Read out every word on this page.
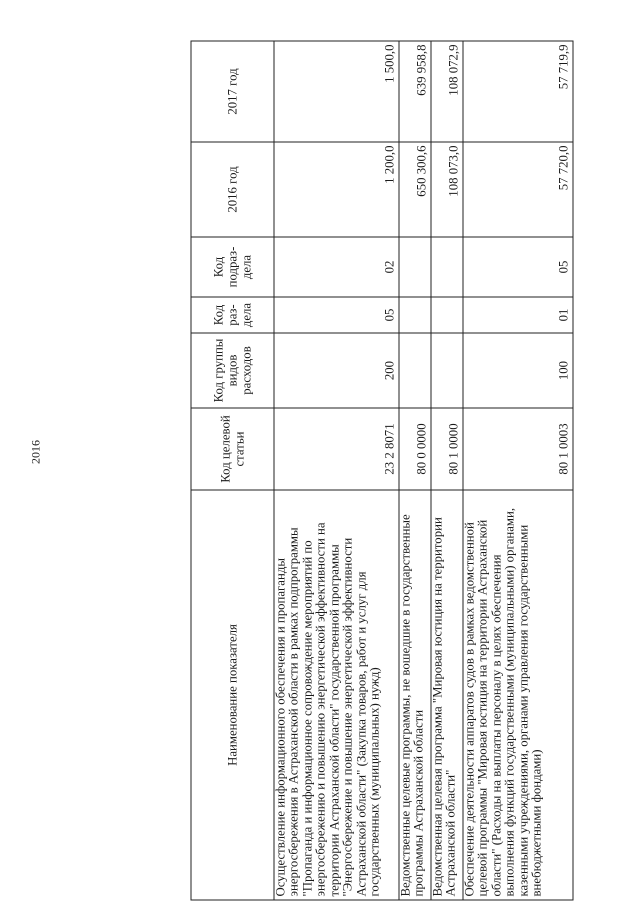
2016
Наименование показателя	Код целевой статьи	Код группы видов расходов	Код раз-дела	Код подраз-дела	2016 год	2017 год
Осуществление информационного обеспечения и пропаганды энергосбережения в Астраханской области в рамках подпрограммы "Пропаганда и информационное сопровождение мероприятий по энергосбережению и повышению энергетической эффективности на территории Астраханской области" государственной программы "Энергосбережение и повышение энергетической эффективности Астраханской области" (Закупка товаров, работ и услуг для государственных (муниципальных) нужд)	23 2 8071	200	05	02	1 200,0	1 500,0
Ведомственные целевые программы, не вошедшие в государственные программы Астраханской области	80 0 0000				650 300,6	639 958,8
Ведомственная целевая программа "Мировая юстиция на территории Астраханской области"	80 1 0000				108 073,0	108 072,9
Обеспечение деятельности аппаратов судов в рамках ведомственной целевой программы "Мировая юстиция на территории Астраханской области" (Расходы на выплаты персоналу в целях обеспечения выполнения функций государственными (муниципальными) органами, казенными учреждениями, органами управления государственными внебюджетными фондами)	80 1 0003	100	01	05	57 720,0	57 719,9
